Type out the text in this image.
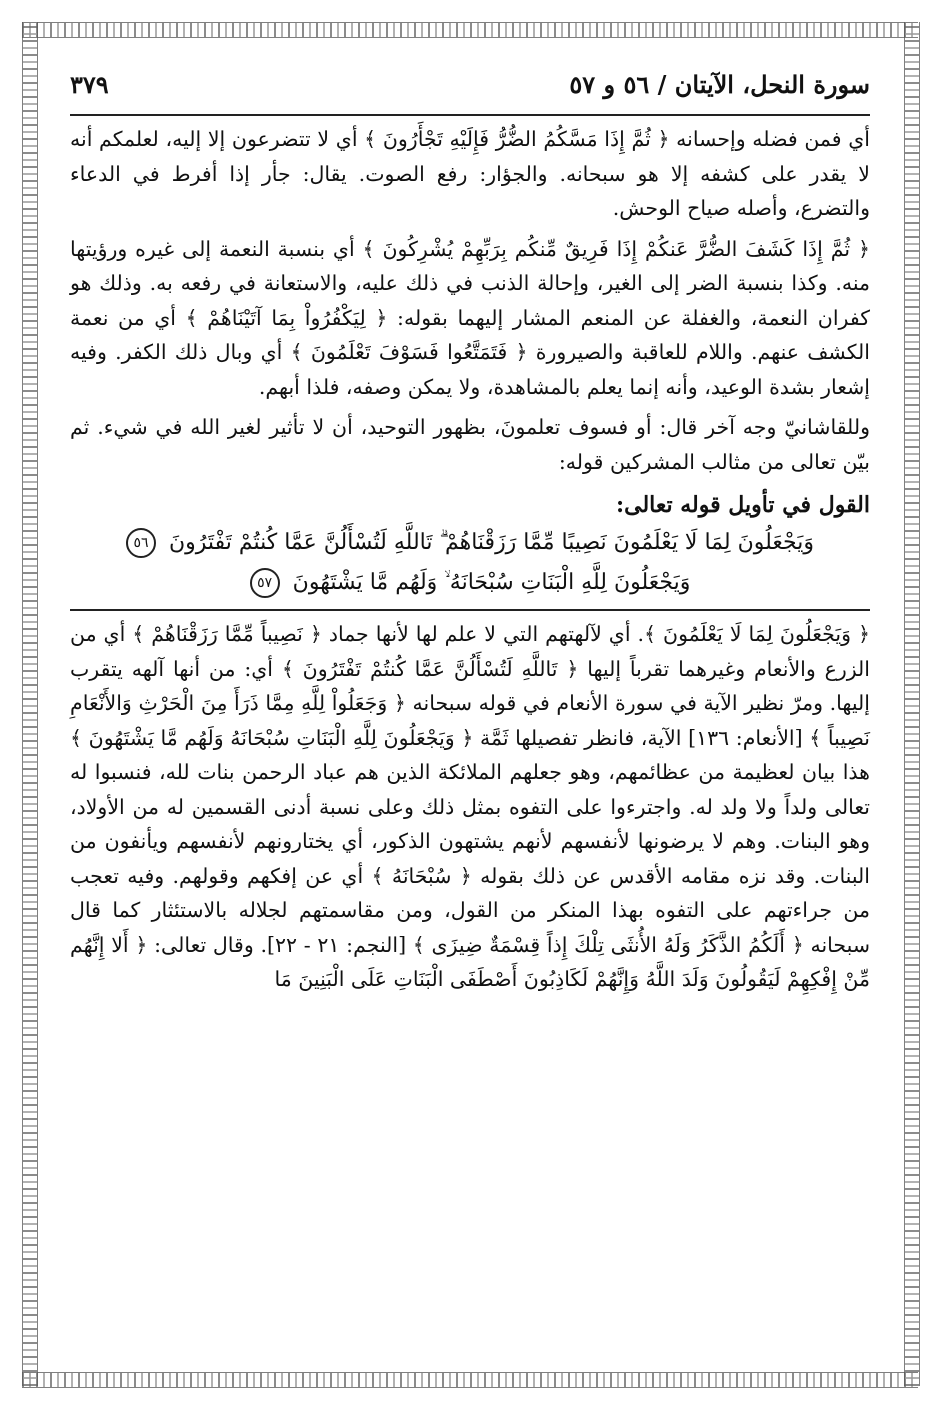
سورة النحل، الآيتان / ٥٦ و ٥٧
٣٧٩

أي فمن فضله وإحسانه ﴿ ثُمَّ إِذَا مَسَّكُمُ الضُّرُّ فَإِلَيْهِ تَجْأَرُونَ ﴾ أي لا تتضرعون إلا إليه، لعلمكم أنه لا يقدر على كشفه إلا هو سبحانه. والجؤار: رفع الصوت. يقال: جأر إذا أفرط في الدعاء والتضرع، وأصله صياح الوحش.

﴿ ثُمَّ إِذَا كَشَفَ الضُّرَّ عَنكُمْ إِذَا فَرِيقٌ مِّنكُم بِرَبِّهِمْ يُشْرِكُونَ ﴾ أي بنسبة النعمة إلى غيره ورؤيتها منه. وكذا بنسبة الضر إلى الغير، وإحالة الذنب في ذلك عليه، والاستعانة في رفعه به. وذلك هو كفران النعمة، والغفلة عن المنعم المشار إليهما بقوله: ﴿ لِيَكْفُرُواْ بِمَا آتَيْنَاهُمْ ﴾ أي من نعمة الكشف عنهم. واللام للعاقبة والصيرورة ﴿ فَتَمَتَّعُوا فَسَوْفَ تَعْلَمُونَ ﴾ أي وبال ذلك الكفر. وفيه إشعار بشدة الوعيد، وأنه إنما يعلم بالمشاهدة، ولا يمكن وصفه، فلذا أبهم.

وللقاشانيّ وجه آخر قال: أو فسوف تعلمونَ، بظهور التوحيد، أن لا تأثير لغير الله في شيء. ثم بيّن تعالى من مثالب المشركين قوله:

القول في تأويل قوله تعالى:
وَيَجْعَلُونَ لِمَا لَا يَعْلَمُونَ نَصِيبًا مِّمَّا رَزَقْنَاهُمْ ۗ تَاللَّهِ لَتُسْأَلُنَّ عَمَّا كُنتُمْ تَفْتَرُونَ ٥٦
وَيَجْعَلُونَ لِلَّهِ الْبَنَاتِ سُبْحَانَهُ ۙ وَلَهُم مَّا يَشْتَهُونَ ٥٧

﴿ وَيَجْعَلُونَ لِمَا لَا يَعْلَمُونَ ﴾. أي لآلهتهم التي لا علم لها لأنها جماد ﴿ نَصِيباً مِّمَّا رَزَقْنَاهُمْ ﴾ أي من الزرع والأنعام وغيرهما تقرباً إليها ﴿ تَاللَّهِ لَتُسْأَلُنَّ عَمَّا كُنتُمْ تَفْتَرُونَ ﴾ أي: من أنها آلهه يتقرب إليها. ومرّ نظير الآية في سورة الأنعام في قوله سبحانه ﴿ وَجَعَلُواْ لِلَّهِ مِمَّا ذَرَأَ مِنَ الْحَرْثِ وَالأَنْعَامِ نَصِيباً ﴾ [الأنعام: ١٣٦] الآية، فانظر تفصيلها ثَمَّة ﴿ وَيَجْعَلُونَ لِلَّهِ الْبَنَاتِ سُبْحَانَهُ وَلَهُم مَّا يَشْتَهُونَ ﴾ هذا بيان لعظيمة من عظائمهم، وهو جعلهم الملائكة الذين هم عباد الرحمن بنات لله، فنسبوا له تعالى ولداً ولا ولد له. واجترءوا على التفوه بمثل ذلك وعلى نسبة أدنى القسمين له من الأولاد، وهو البنات. وهم لا يرضونها لأنفسهم لأنهم يشتهون الذكور، أي يختارونهم لأنفسهم ويأنفون من البنات. وقد نزه مقامه الأقدس عن ذلك بقوله ﴿ سُبْحَانَهُ ﴾ أي عن إفكهم وقولهم. وفيه تعجب من جراءتهم على التفوه بهذا المنكر من القول، ومن مقاسمتهم لجلاله بالاستئثار كما قال سبحانه ﴿ أَلَكُمُ الذَّكَرُ وَلَهُ الأُنثَى تِلْكَ إِذاً قِسْمَةٌ ضِيزَى ﴾ [النجم: ٢١ - ٢٢]. وقال تعالى: ﴿ أَلا إِنَّهُم مِّنْ إِفْكِهِمْ لَيَقُولُونَ وَلَدَ اللَّهُ وَإِنَّهُمْ لَكَاذِبُونَ أَصْطَفَى الْبَنَاتِ عَلَى الْبَنِينَ مَا
